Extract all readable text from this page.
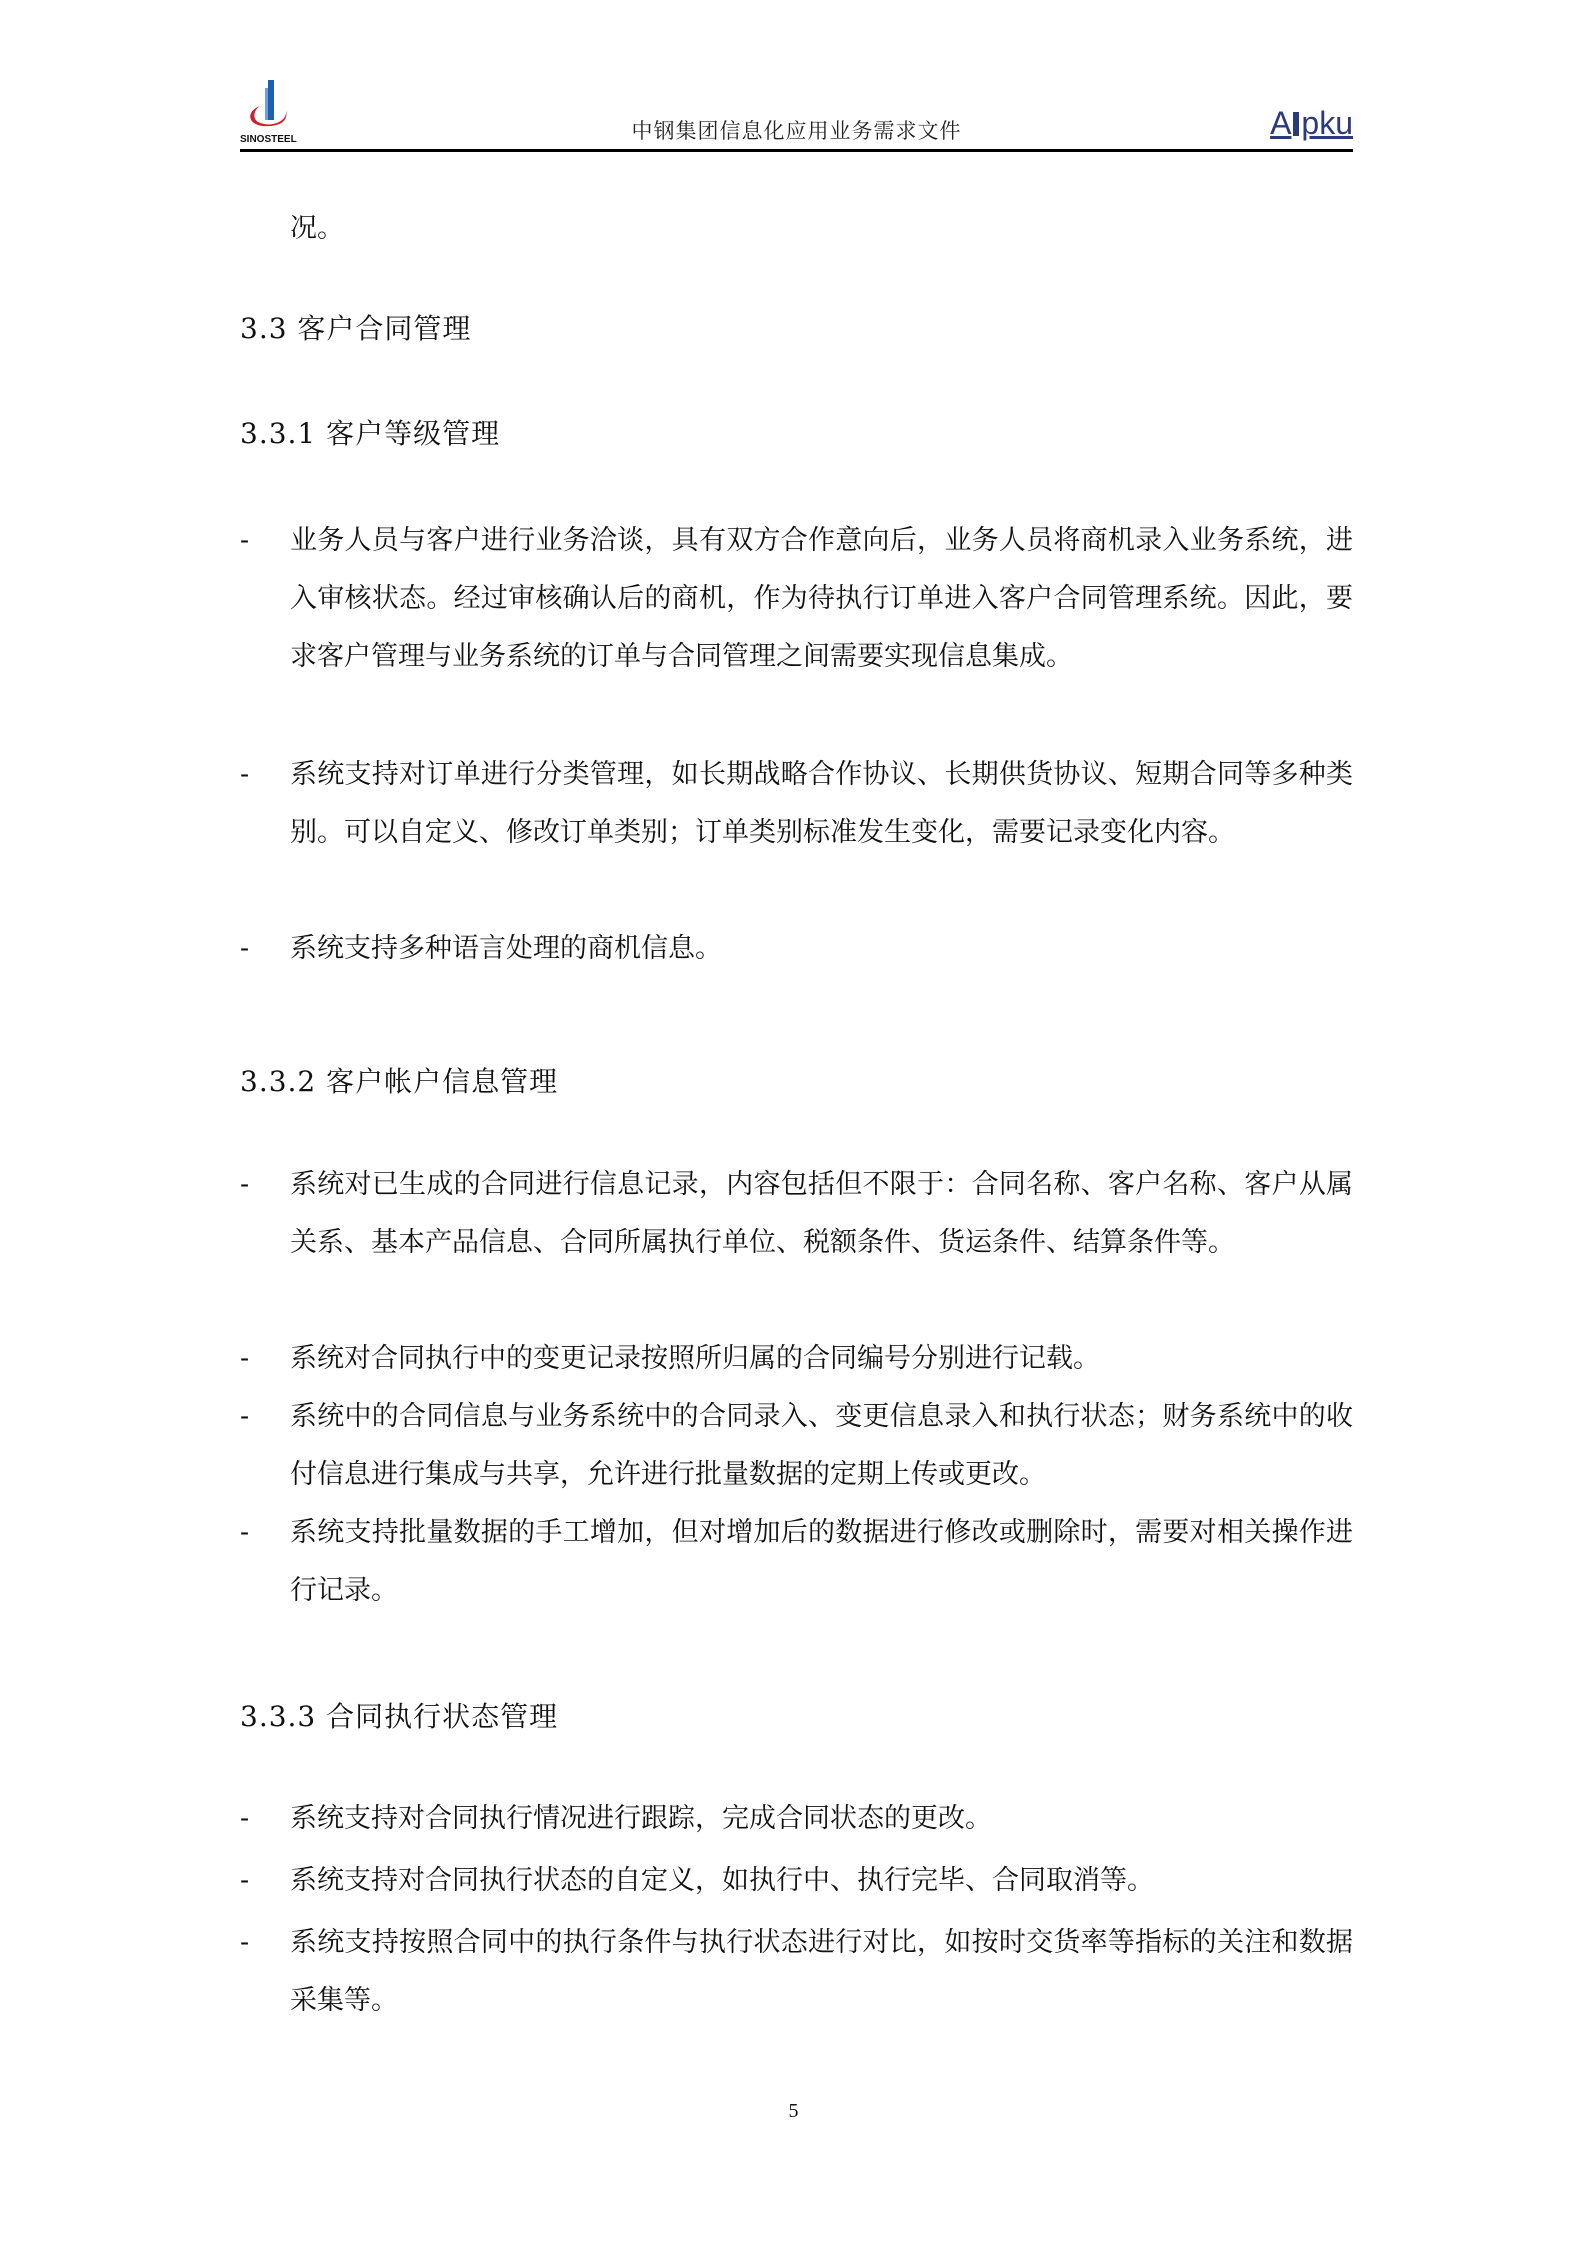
SINOSTEEL	中钢集团信息化应用业务需求文件	A pku
况。
3.3 客户合同管理
3.3.1 客户等级管理
- 业务人员与客户进行业务洽谈，具有双方合作意向后，业务人员将商机录入业务系统，进入审核状态。经过审核确认后的商机，作为待执行订单进入客户合同管理系统。因此，要求客户管理与业务系统的订单与合同管理之间需要实现信息集成。
- 系统支持对订单进行分类管理，如长期战略合作协议、长期供货协议、短期合同等多种类别。可以自定义、修改订单类别；订单类别标准发生变化，需要记录变化内容。
- 系统支持多种语言处理的商机信息。
3.3.2 客户帐户信息管理
- 系统对已生成的合同进行信息记录，内容包括但不限于：合同名称、客户名称、客户从属关系、基本产品信息、合同所属执行单位、税额条件、货运条件、结算条件等。
- 系统对合同执行中的变更记录按照所归属的合同编号分别进行记载。
- 系统中的合同信息与业务系统中的合同录入、变更信息录入和执行状态；财务系统中的收付信息进行集成与共享，允许进行批量数据的定期上传或更改。
- 系统支持批量数据的手工增加，但对增加后的数据进行修改或删除时，需要对相关操作进行记录。
3.3.3 合同执行状态管理
- 系统支持对合同执行情况进行跟踪，完成合同状态的更改。
- 系统支持对合同执行状态的自定义，如执行中、执行完毕、合同取消等。
- 系统支持按照合同中的执行条件与执行状态进行对比，如按时交货率等指标的关注和数据采集等。
5
